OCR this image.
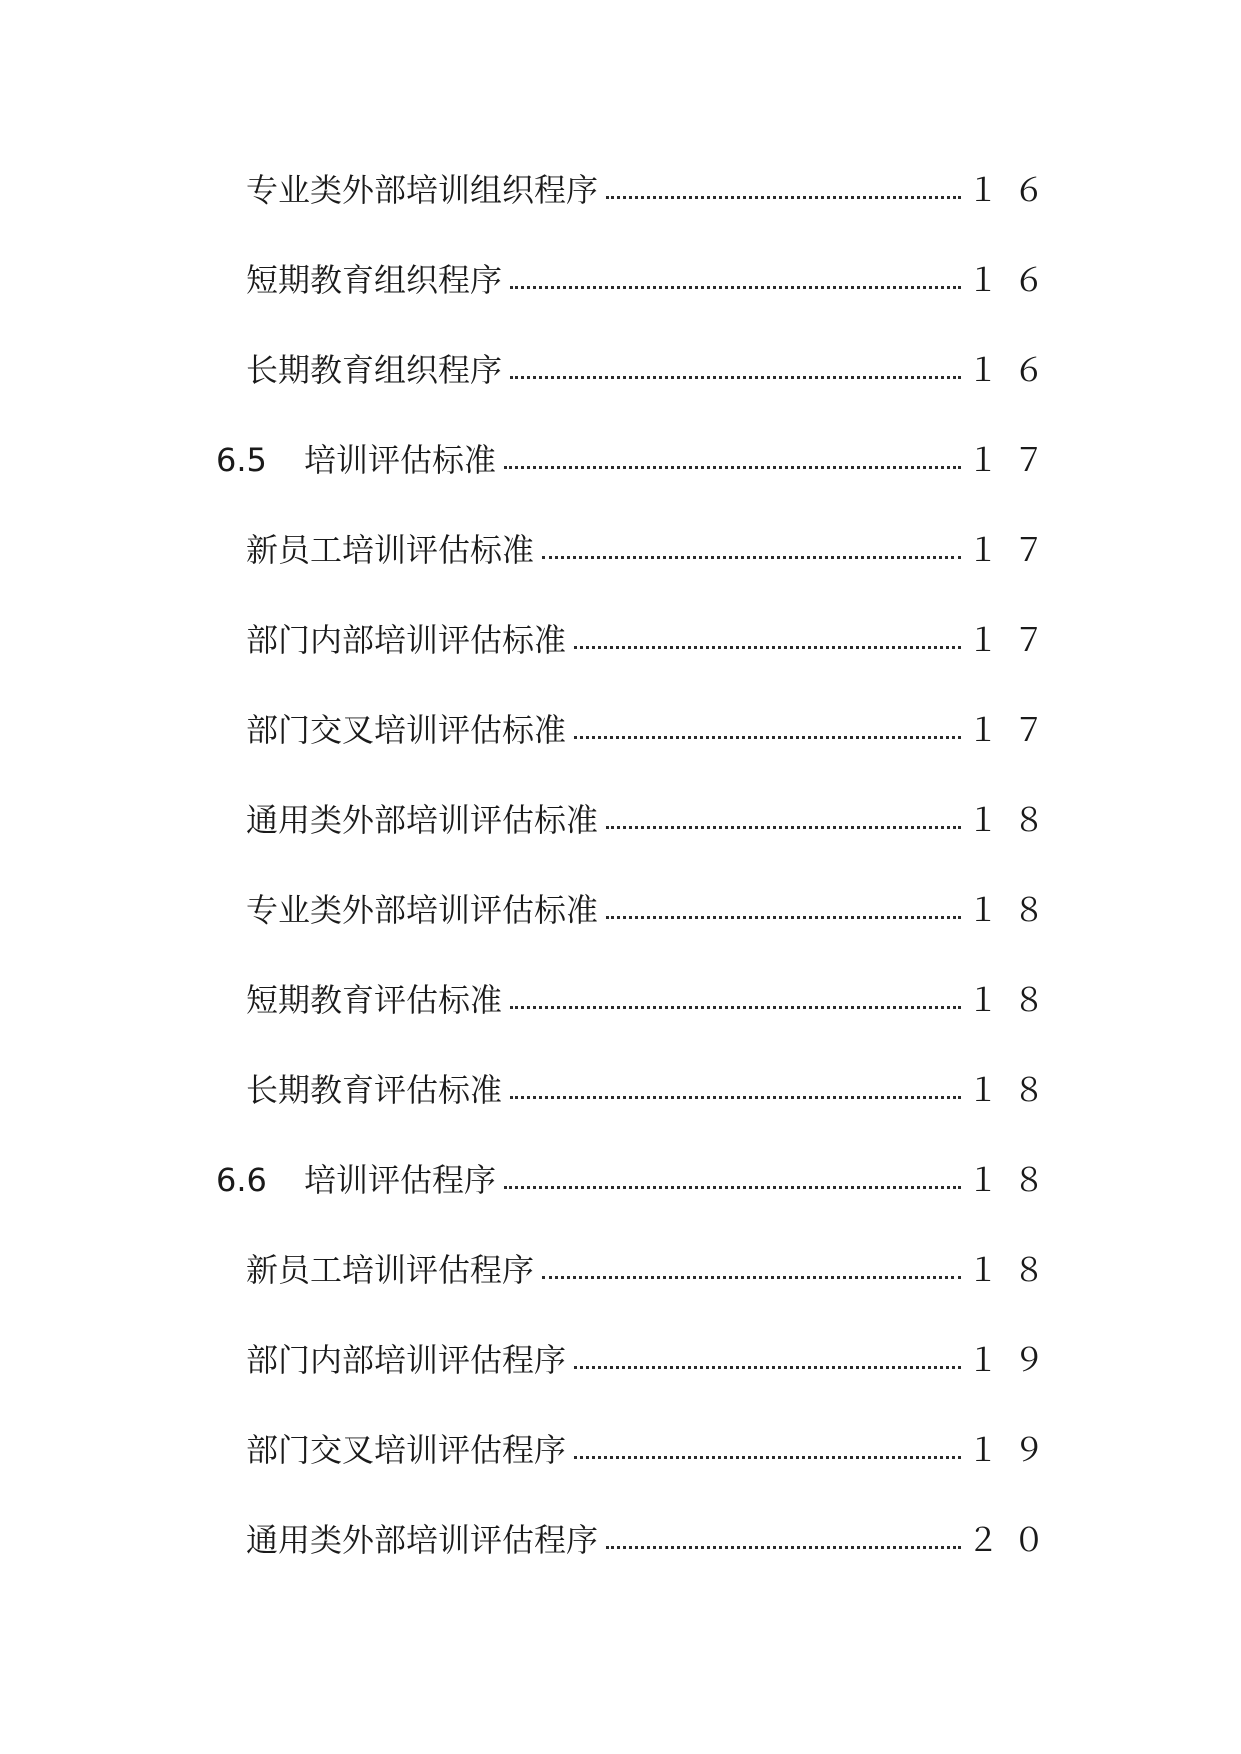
专业类外部培训组织程序	１６
短期教育组织程序	１６
长期教育组织程序	１６
6.5	培训评估标准	１７
新员工培训评估标准	１７
部门内部培训评估标准	１７
部门交叉培训评估标准	１７
通用类外部培训评估标准	１８
专业类外部培训评估标准	１８
短期教育评估标准	１８
长期教育评估标准	１８
6.6	培训评估程序	１８
新员工培训评估程序	１８
部门内部培训评估程序	１９
部门交叉培训评估程序	１９
通用类外部培训评估程序	２０
